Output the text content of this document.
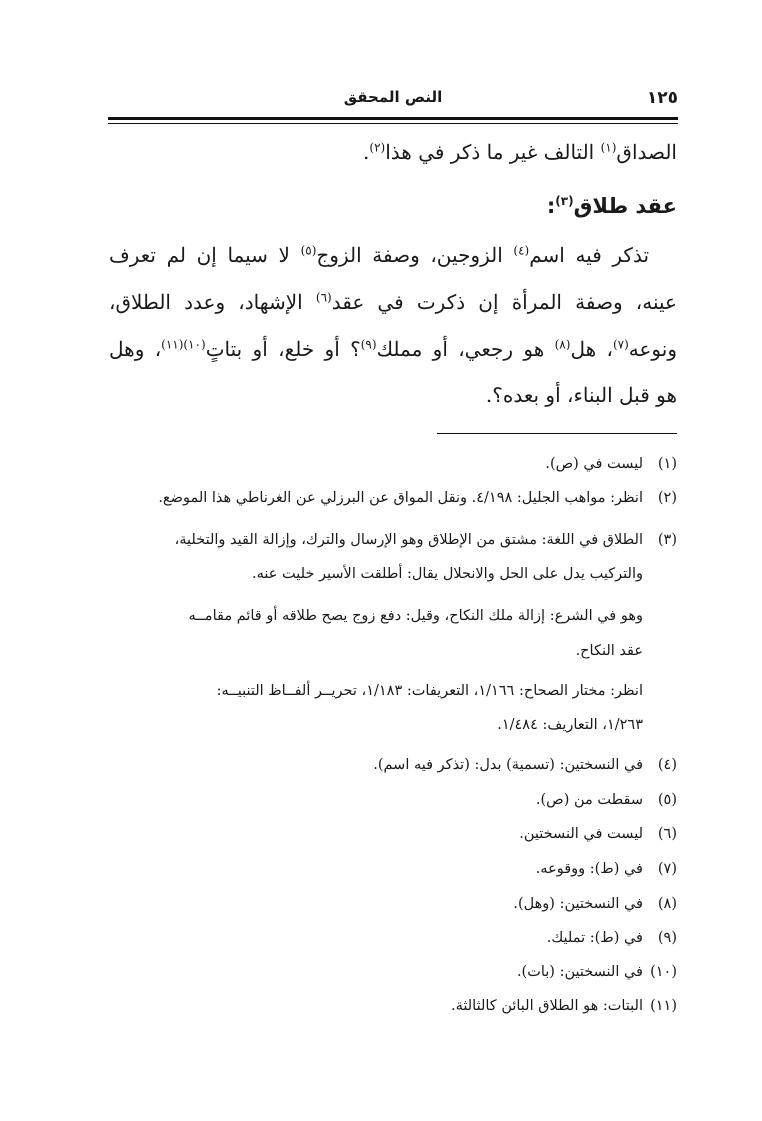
النص المحقق	١٢٥
الصداق$^{(١)}$ التالف غير ما ذكر في هذا$^{(٢)}$.
عقد طلاق$^{(٣)}$:
تذكر فيه اسم$^{(٤)}$ الزوجين، وصفة الزوج$^{(٥)}$ لا سيما إن لم تعرف
عينه، وصفة المرأة إن ذكرت في عقد$^{(٦)}$ الإشهاد، وعدد الطلاق،
ونوعه$^{(٧)}$، هل$^{(٨)}$ هو رجعي، أو مملك$^{(٩)}$؟ أو خلع، أو بتاتٍ$^{(١٠)(١١)}$، وهل
هو قبل البناء، أو بعده؟.
(١)ليست في (ص).
(٢)انظر: مواهب الجليل: ٤/١٩٨. ونقل المواق عن البرزلي عن الغرناطي هذا الموضع.
(٣)الطلاق في اللغة: مشتق من الإطلاق وهو الإرسال والترك، وإزالة القيد والتخلية،
والتركيب يدل على الحل والانحلال يقال: أطلقت الأسير خليت عنه.
وهو في الشرع: إزالة ملك النكاح، وقيل: دفع زوج يصح طلاقه أو قائم مقامــه
عقد النكاح.
انظر: مختار الصحاح: ١/١٦٦، التعريفات: ١/١٨٣، تحريــر ألفــاظ التنبيــه:
١/٢٦٣، التعاريف: ١/٤٨٤.
(٤)في النسختين: (تسمية) بدل: (تذكر فيه اسم).
(٥)سقطت من (ص).
(٦)ليست في النسختين.
(٧)في (ط): ووقوعه.
(٨)في النسختين: (وهل).
(٩)في (ط): تمليك.
(١٠)في النسختين: (بات).
(١١)البتات: هو الطلاق البائن كالثالثة.
